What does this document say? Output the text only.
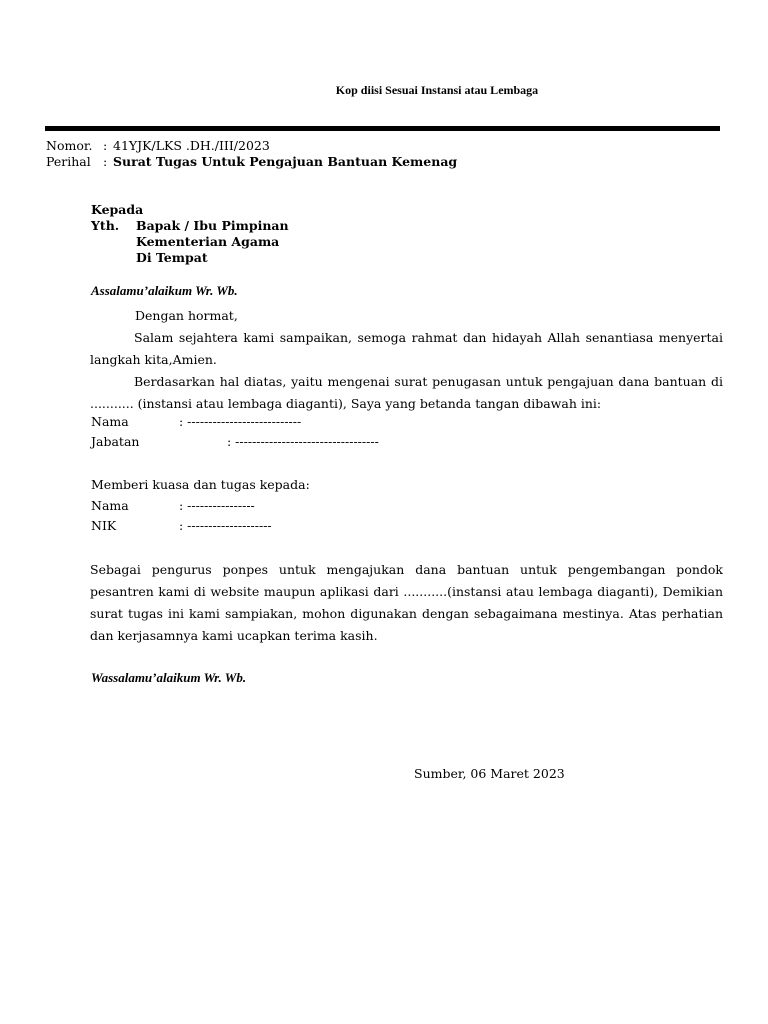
Kop diisi Sesuai Instansi atau Lembaga
Nomor. : 41YJK/LKS .DH./III/2023
Perihal : Surat Tugas Untuk Pengajuan Bantuan Kemenag
Kepada
Yth. Bapak / Ibu Pimpinan
Kementerian Agama
Di Tempat
Assalamu’alaikum Wr. Wb.
Dengan hormat,
Salam sejahtera kami sampaikan, semoga rahmat dan hidayah Allah senantiasa menyertai langkah kita,Amien.
Berdasarkan hal diatas, yaitu mengenai surat penugasan untuk pengajuan dana bantuan di ........... (instansi atau lembaga diaganti), Saya yang betanda tangan dibawah ini:
Nama	: ---------------------------
Jabatan	: ----------------------------------
Memberi kuasa dan tugas kepada:
Nama	: ----------------
NIK	: --------------------
Sebagai pengurus ponpes untuk mengajukan dana bantuan untuk pengembangan pondok pesantren kami di website maupun aplikasi dari ...........(instansi atau lembaga diaganti), Demikian surat tugas ini kami sampiakan, mohon digunakan dengan sebagaimana mestinya. Atas perhatian dan kerjasamnya kami ucapkan terima kasih.
Wassalamu’alaikum Wr. Wb.
Sumber, 06 Maret 2023
